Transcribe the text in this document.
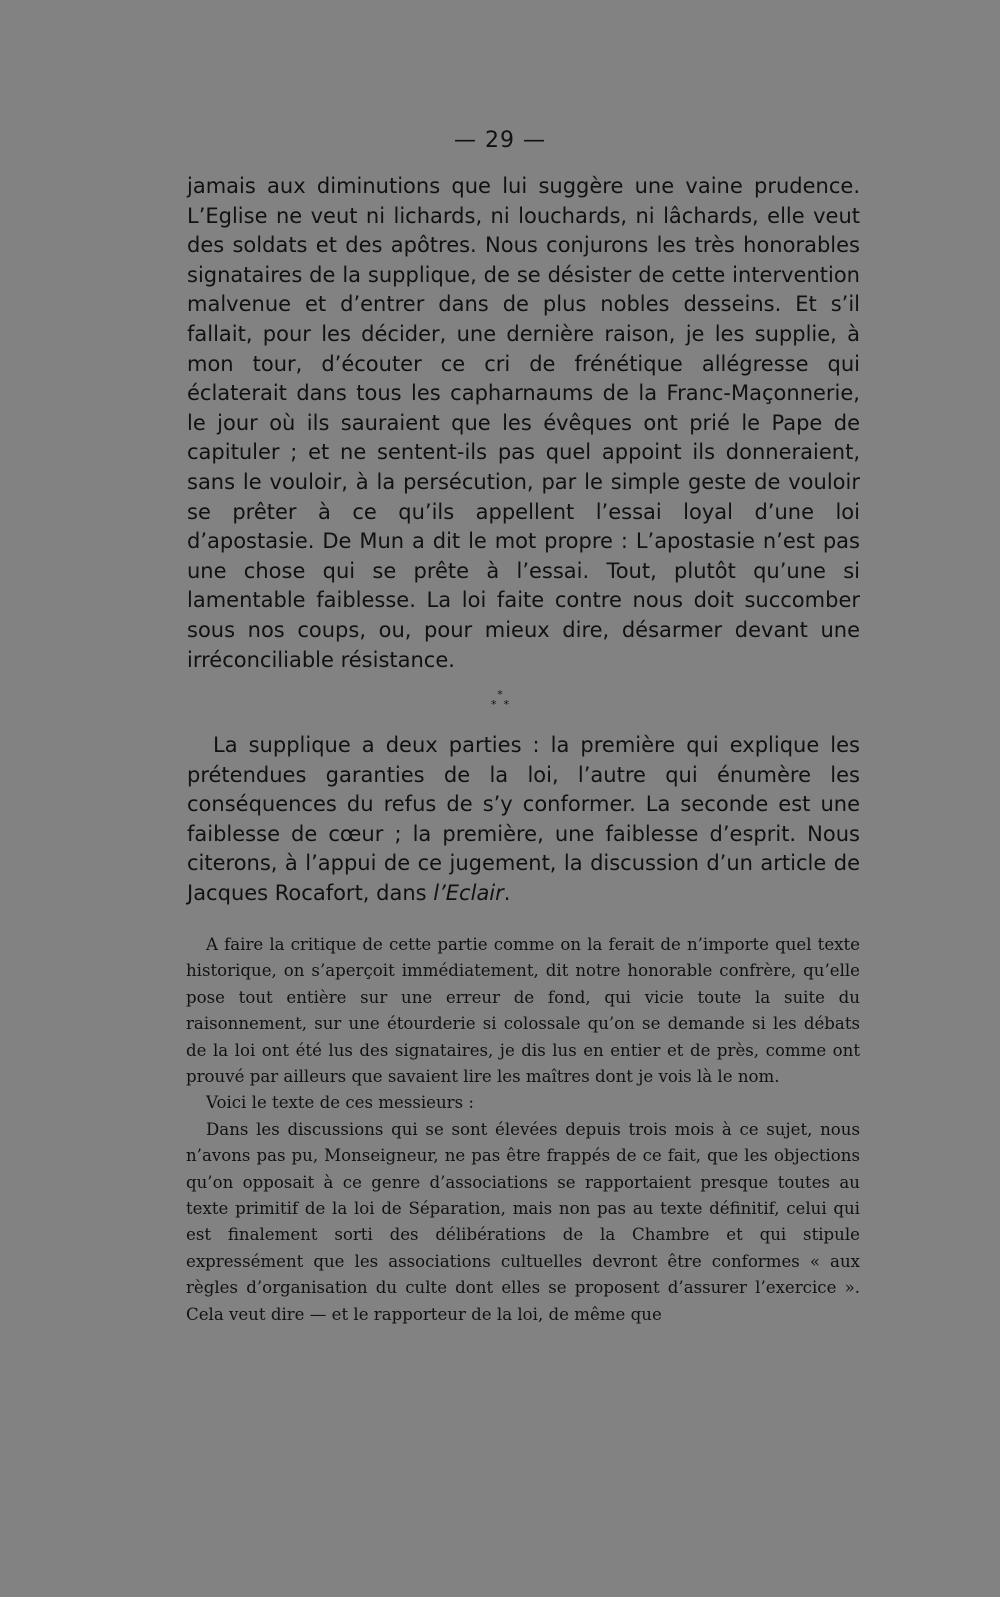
— 29 —

jamais aux diminutions que lui suggère une vaine prudence. L’Eglise ne veut ni lichards, ni louchards, ni lâchards, elle veut des soldats et des apôtres. Nous conjurons les très honorables signataires de la supplique, de se désister de cette intervention malvenue et d’entrer dans de plus nobles desseins. Et s’il fallait, pour les décider, une dernière raison, je les supplie, à mon tour, d’écouter ce cri de frénétique allégresse qui éclaterait dans tous les capharnaums de la Franc-Maçonnerie, le jour où ils sauraient que les évêques ont prié le Pape de capituler ; et ne sentent-ils pas quel appoint ils donneraient, sans le vouloir, à la persécution, par le simple geste de vouloir se prêter à ce qu’ils appellent l’essai loyal d’une loi d’apostasie. De Mun a dit le mot propre : L’apostasie n’est pas une chose qui se prête à l’essai. Tout, plutôt qu’une si lamentable faiblesse. La loi faite contre nous doit succomber sous nos coups, ou, pour mieux dire, désarmer devant une irréconciliable résistance.

*
*  *

La supplique a deux parties : la première qui explique les prétendues garanties de la loi, l’autre qui énumère les conséquences du refus de s’y conformer. La seconde est une faiblesse de cœur ; la première, une faiblesse d’esprit. Nous citerons, à l’appui de ce jugement, la discussion d’un article de Jacques Rocafort, dans l’Eclair.

A faire la critique de cette partie comme on la ferait de n’importe quel texte historique, on s’aperçoit immédiatement, dit notre honorable confrère, qu’elle pose tout entière sur une erreur de fond, qui vicie toute la suite du raisonnement, sur une étourderie si colossale qu’on se demande si les débats de la loi ont été lus des signataires, je dis lus en entier et de près, comme ont prouvé par ailleurs que savaient lire les maîtres dont je vois là le nom.

Voici le texte de ces messieurs :

Dans les discussions qui se sont élevées depuis trois mois à ce sujet, nous n’avons pas pu, Monseigneur, ne pas être frappés de ce fait, que les objections qu’on opposait à ce genre d’associations se rapportaient presque toutes au texte primitif de la loi de Séparation, mais non pas au texte définitif, celui qui est finalement sorti des délibérations de la Chambre et qui stipule expressément que les associations cultuelles devront être conformes « aux règles d’organisation du culte dont elles se proposent d’assurer l’exercice ». Cela veut dire — et le rapporteur de la loi, de même que
